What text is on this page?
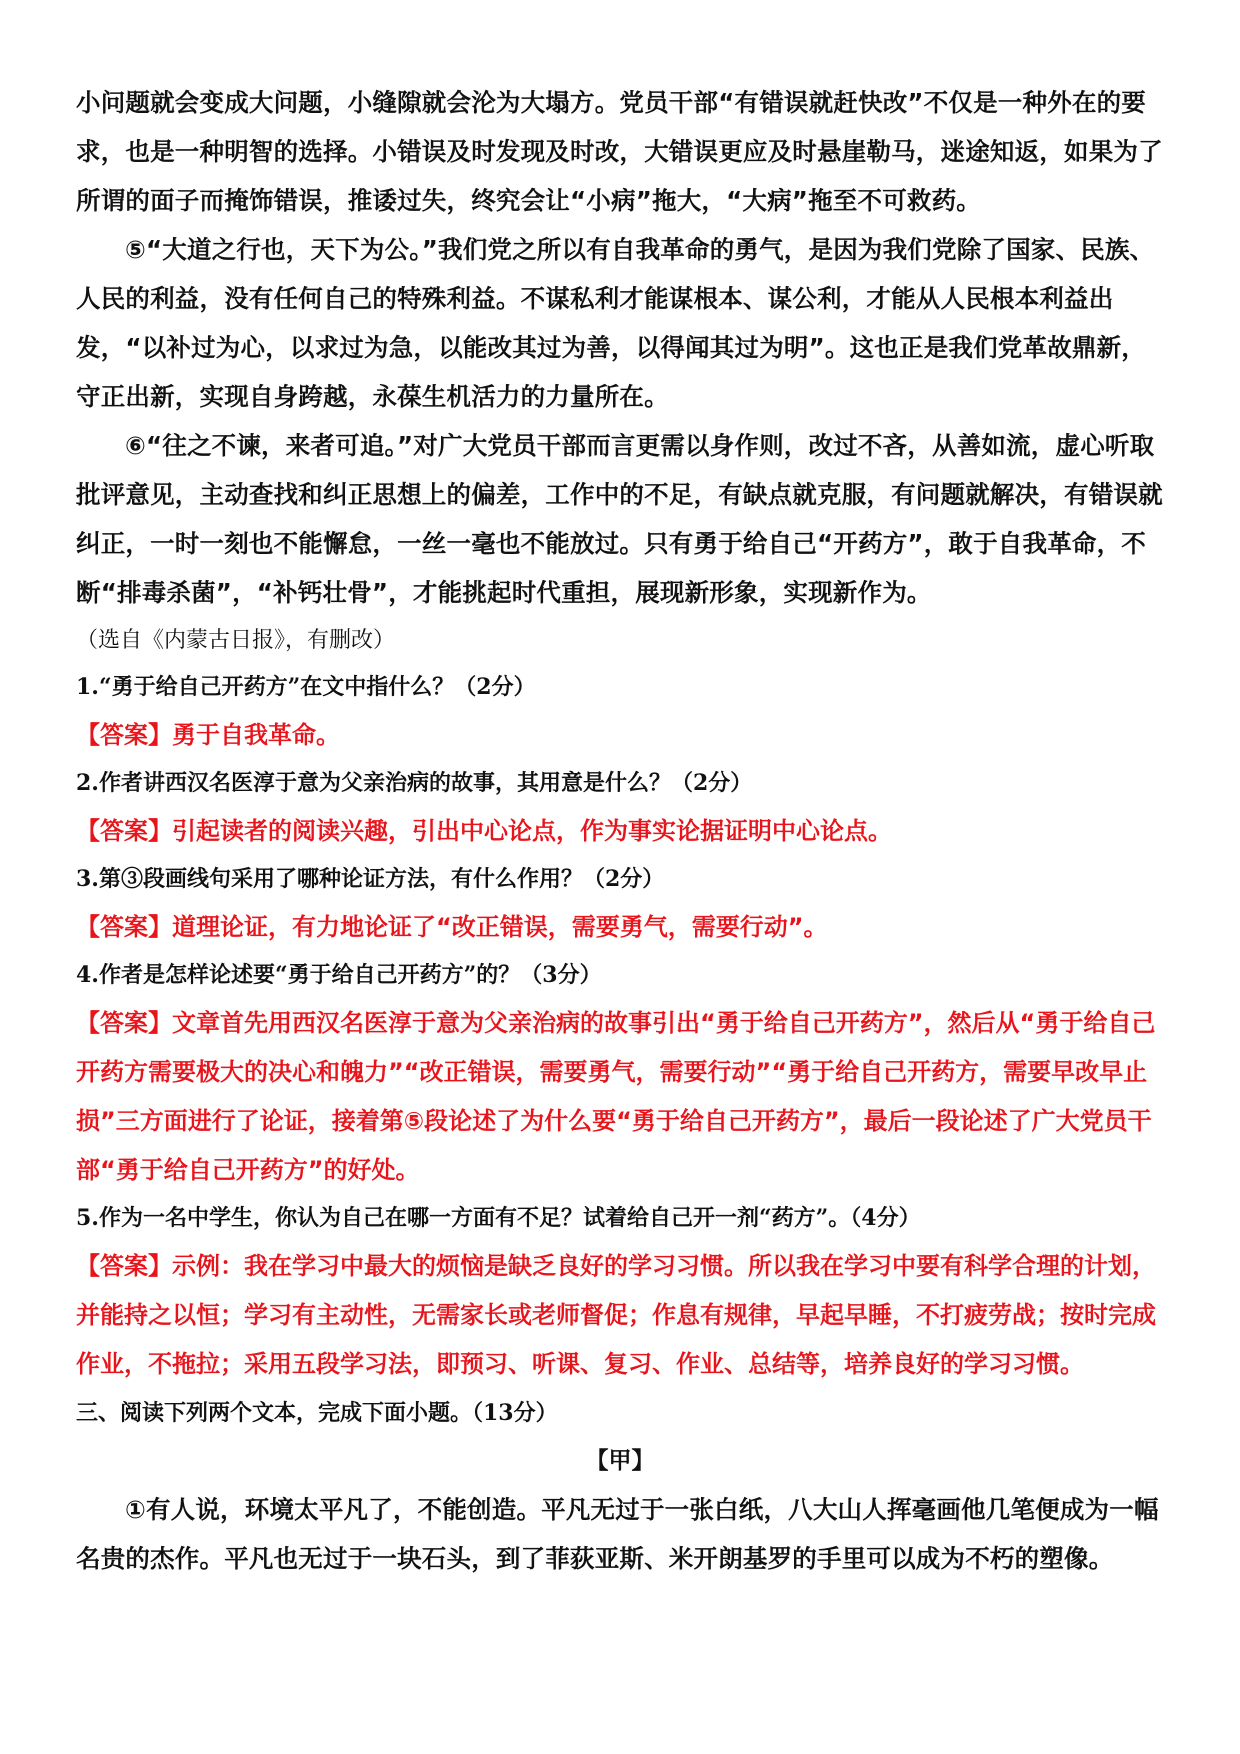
小问题就会变成大问题，小缝隙就会沦为大塌方。党员干部“有错误就赶快改”不仅是一种外在的要求，也是一种明智的选择。小错误及时发现及时改，大错误更应及时悬崖勒马，迷途知返，如果为了所谓的面子而掩饰错误，推诿过失，终究会让“小病”拖大，“大病”拖至不可救药。

⑤“大道之行也，天下为公。”我们党之所以有自我革命的勇气，是因为我们党除了国家、民族、人民的利益，没有任何自己的特殊利益。不谋私利才能谋根本、谋公利，才能从人民根本利益出发，“以补过为心，以求过为急，以能改其过为善，以得闻其过为明”。这也正是我们党革故鼎新，守正出新，实现自身跨越，永葆生机活力的力量所在。

⑥“往之不谏，来者可追。”对广大党员干部而言更需以身作则，改过不吝，从善如流，虚心听取批评意见，主动查找和纠正思想上的偏差，工作中的不足，有缺点就克服，有问题就解决，有错误就纠正，一时一刻也不能懈怠，一丝一毫也不能放过。只有勇于给自己“开药方”，敢于自我革命，不断“排毒杀菌”，“补钙壮骨”，才能挑起时代重担，展现新形象，实现新作为。

（选自《内蒙古日报》，有删改）

1.“勇于给自己开药方”在文中指什么？（2分）

【答案】勇于自我革命。

2.作者讲西汉名医淳于意为父亲治病的故事，其用意是什么？（2分）

【答案】引起读者的阅读兴趣，引出中心论点，作为事实论据证明中心论点。

3.第③段画线句采用了哪种论证方法，有什么作用？（2分）

【答案】道理论证，有力地论证了“改正错误，需要勇气，需要行动”。

4.作者是怎样论述要“勇于给自己开药方”的？（3分）

【答案】文章首先用西汉名医淳于意为父亲治病的故事引出“勇于给自己开药方”，然后从“勇于给自己开药方需要极大的决心和魄力”“改正错误，需要勇气，需要行动”“勇于给自己开药方，需要早改早止损”三方面进行了论证，接着第⑤段论述了为什么要“勇于给自己开药方”，最后一段论述了广大党员干部“勇于给自己开药方”的好处。

5.作为一名中学生，你认为自己在哪一方面有不足？试着给自己开一剂“药方”。（4分）

【答案】示例：我在学习中最大的烦恼是缺乏良好的学习习惯。所以我在学习中要有科学合理的计划，并能持之以恒；学习有主动性，无需家长或老师督促；作息有规律，早起早睡，不打疲劳战；按时完成作业，不拖拉；采用五段学习法，即预习、听课、复习、作业、总结等，培养良好的学习习惯。

三、阅读下列两个文本，完成下面小题。（13分）

【甲】

①有人说，环境太平凡了，不能创造。平凡无过于一张白纸，八大山人挥毫画他几笔便成为一幅名贵的杰作。平凡也无过于一块石头，到了菲荻亚斯、米开朗基罗的手里可以成为不朽的塑像。
